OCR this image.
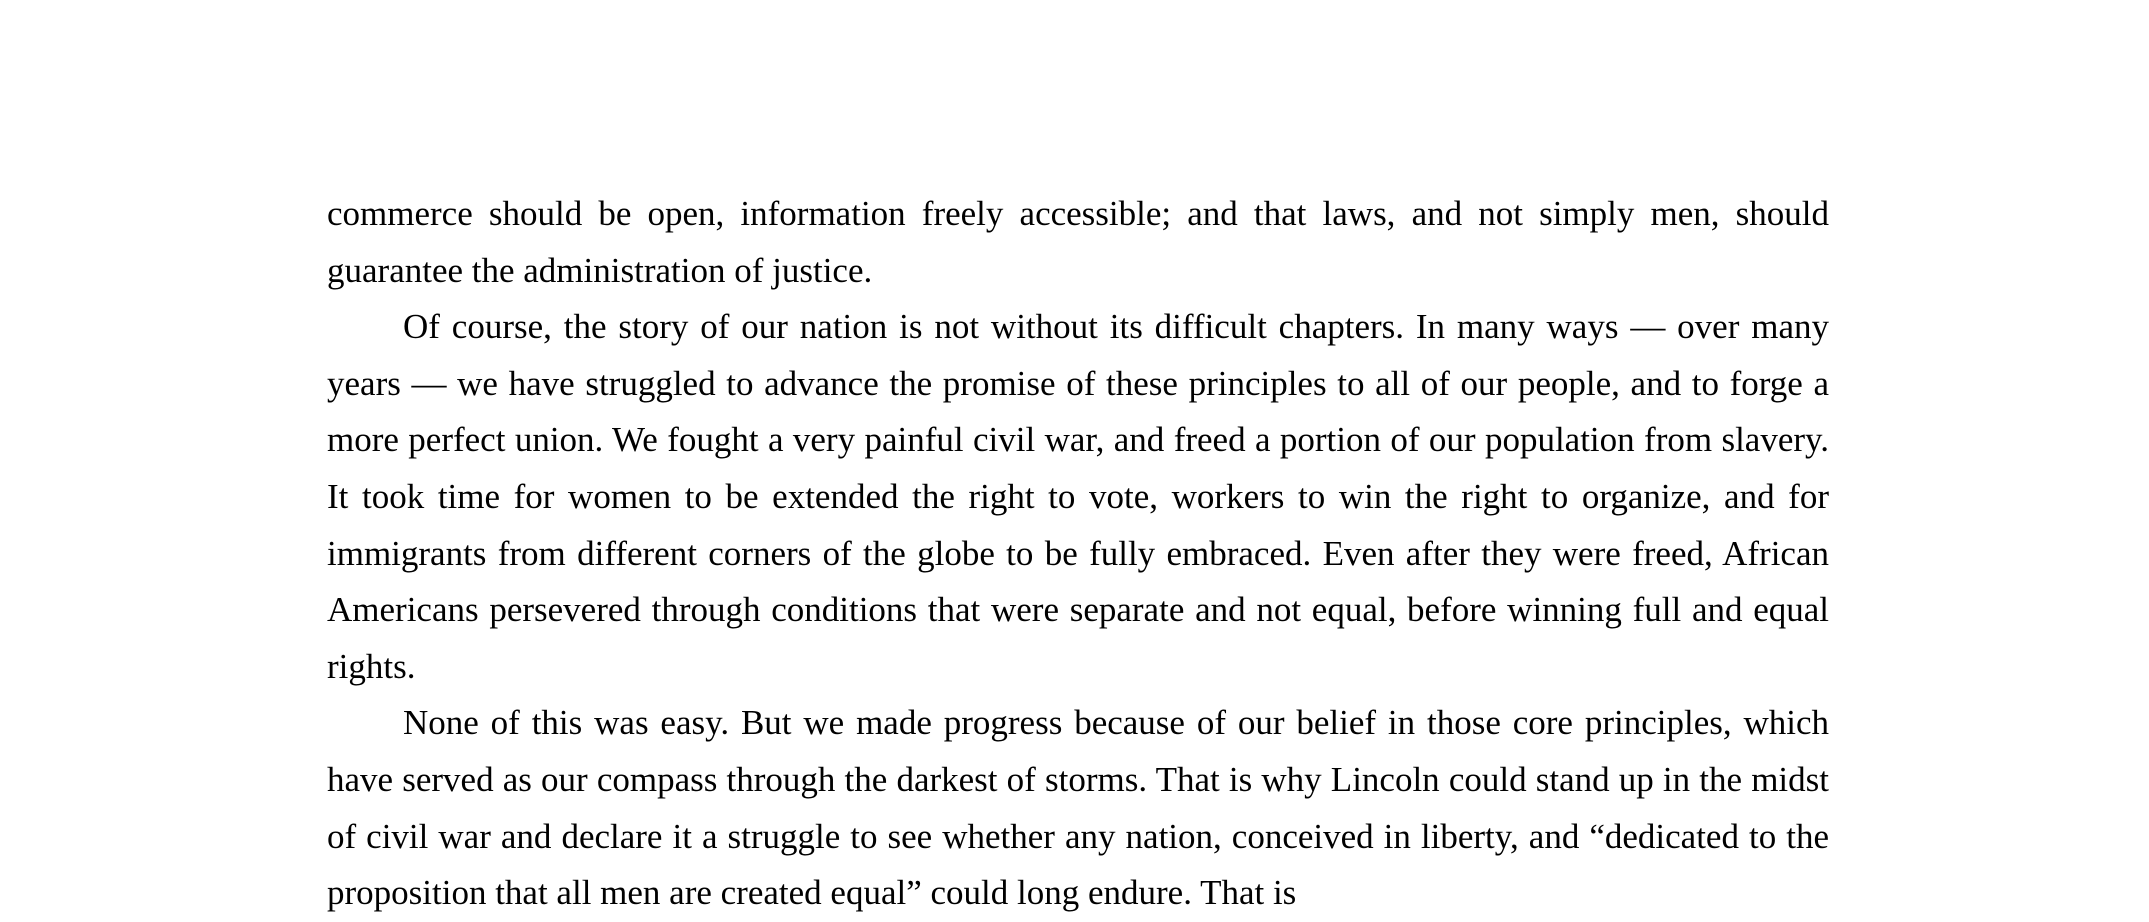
commerce should be open, information freely accessible; and that laws, and not simply men, should guarantee the administration of justice.

Of course, the story of our nation is not without its difficult chapters. In many ways — over many years — we have struggled to advance the promise of these principles to all of our people, and to forge a more perfect union. We fought a very painful civil war, and freed a portion of our population from slavery. It took time for women to be extended the right to vote, workers to win the right to organize, and for immigrants from different corners of the globe to be fully embraced. Even after they were freed, African Americans persevered through conditions that were separate and not equal, before winning full and equal rights.

None of this was easy. But we made progress because of our belief in those core principles, which have served as our compass through the darkest of storms. That is why Lincoln could stand up in the midst of civil war and declare it a struggle to see whether any nation, conceived in liberty, and “dedicated to the proposition that all men are created equal” could long endure. That is
